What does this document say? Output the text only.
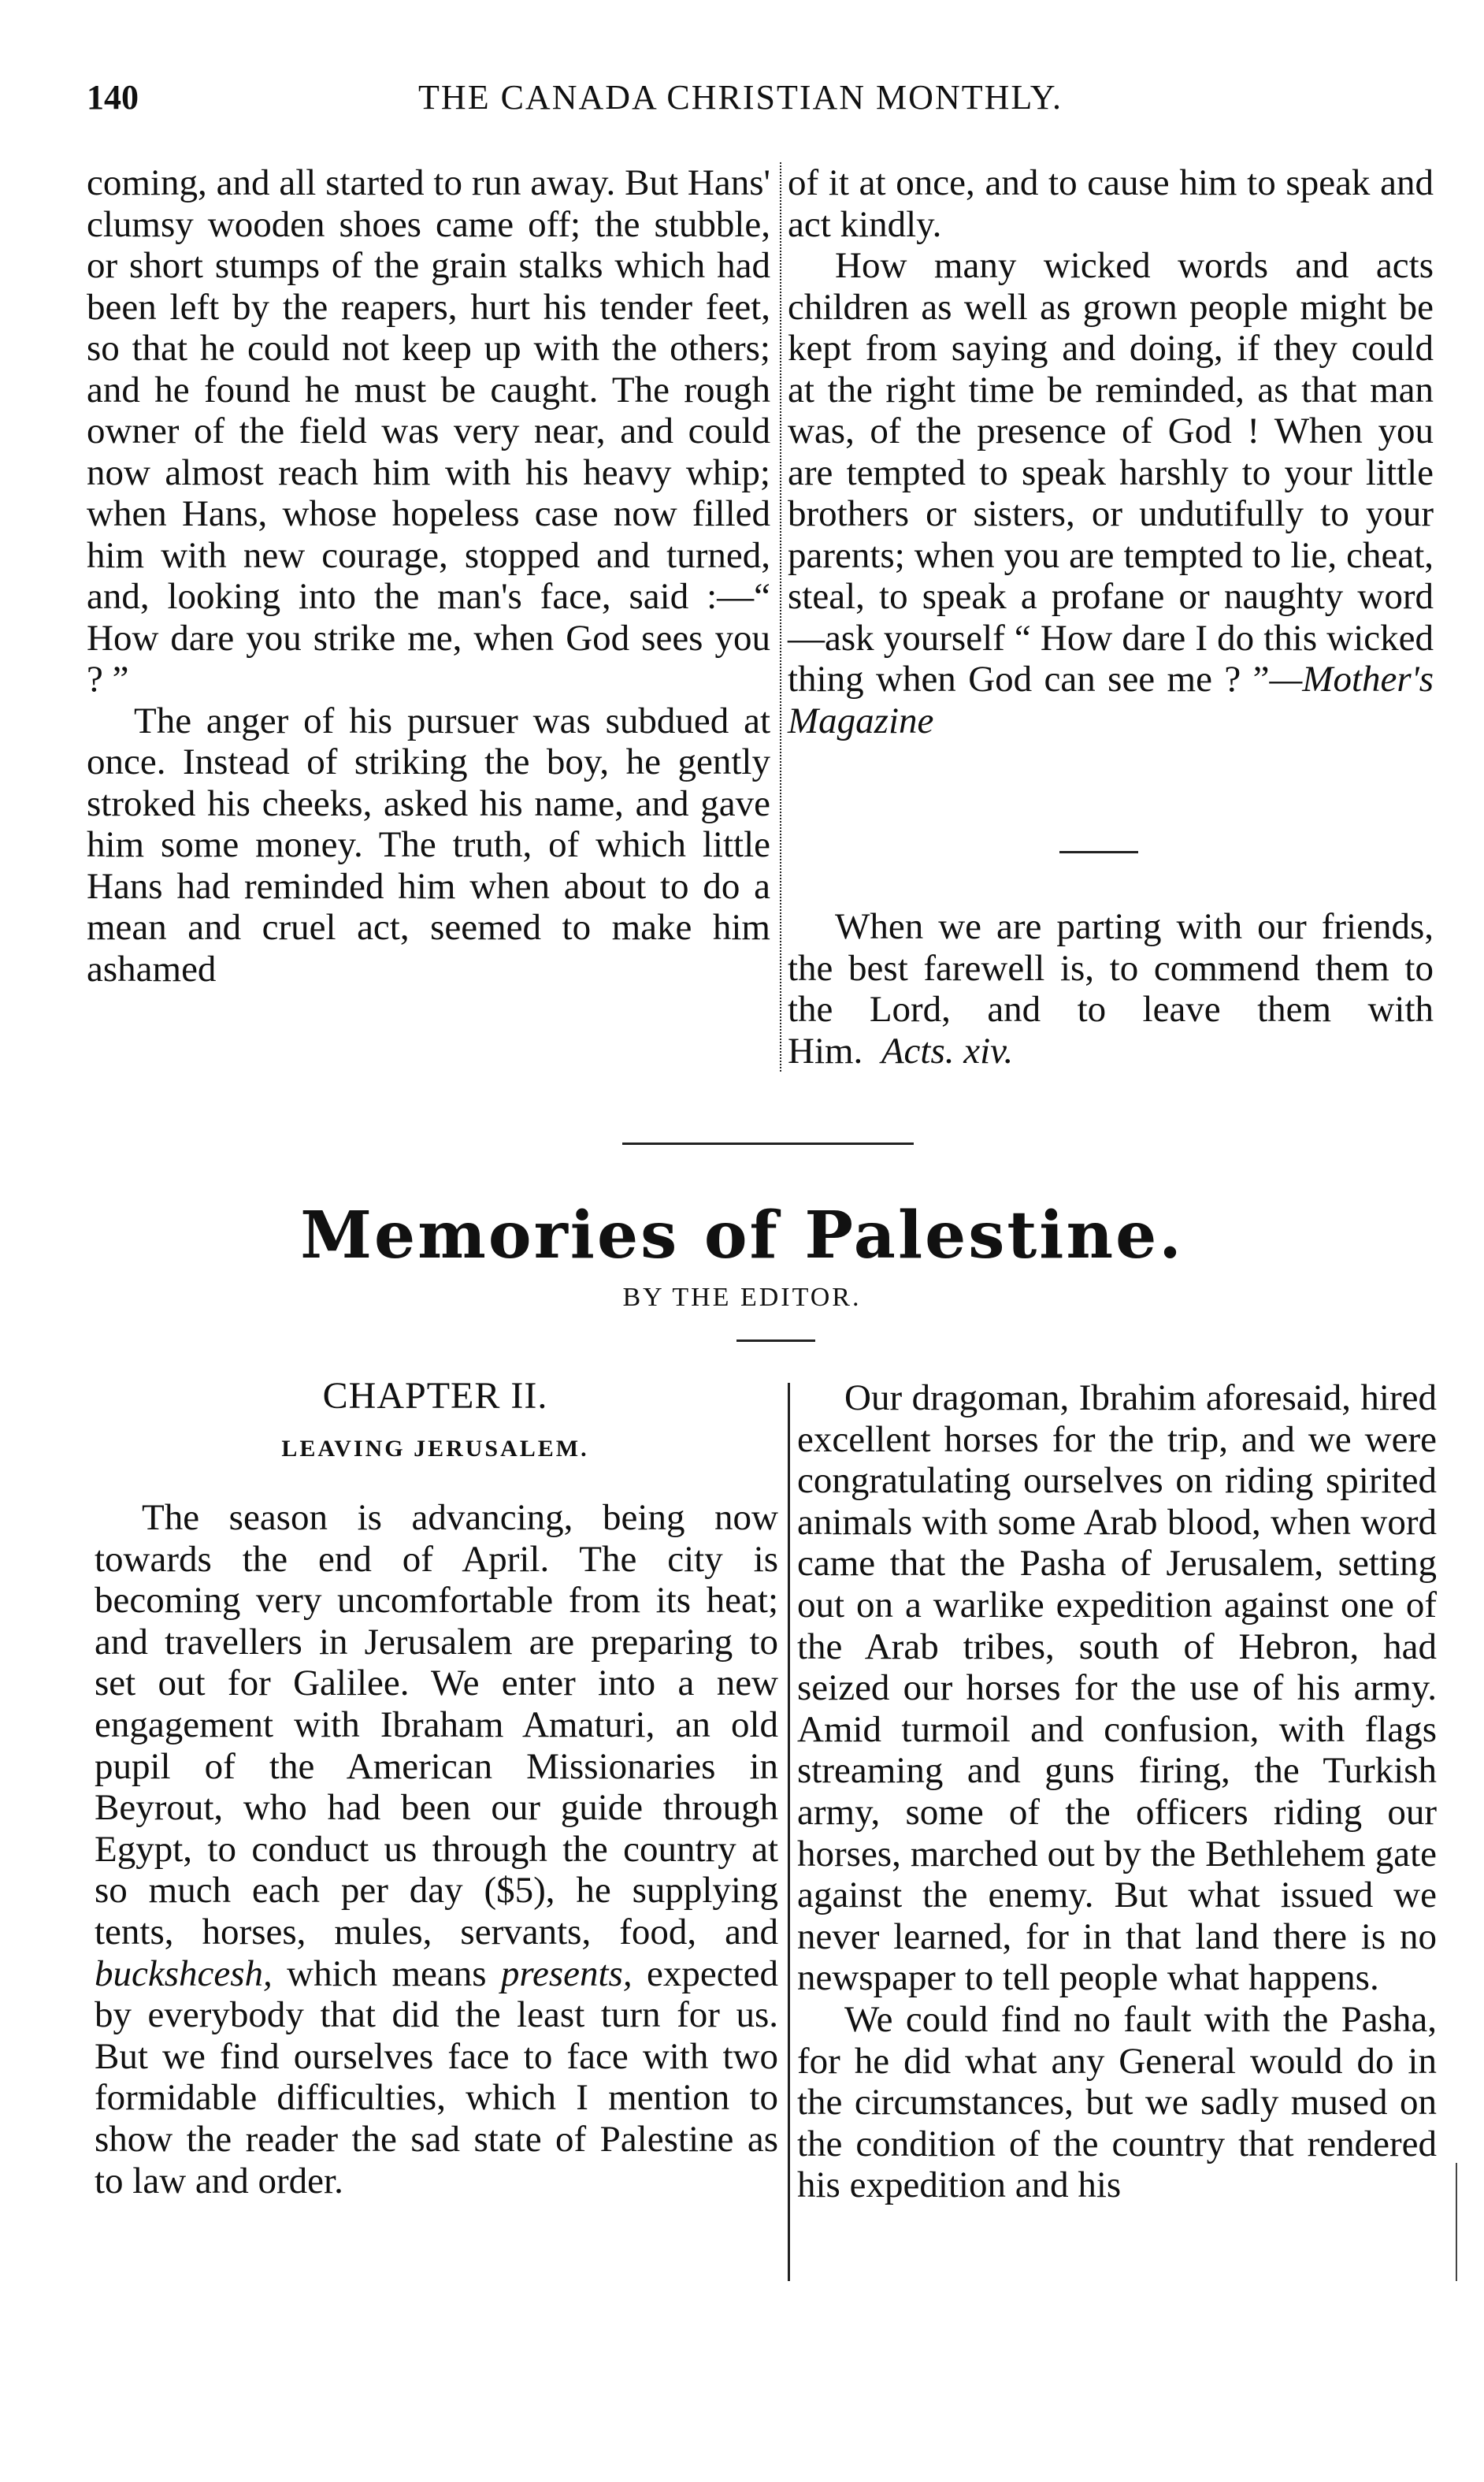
140	THE CANADA CHRISTIAN MONTHLY.

coming, and all started to run away. But Hans' clumsy wooden shoes came off; the stubble, or short stumps of the grain stalks which had been left by the reapers, hurt his tender feet, so that he could not keep up with the others; and he found he must be caught. The rough owner of the field was very near, and could now almost reach him with his heavy whip; when Hans, whose hopeless case now filled him with new courage, stopped and turned, and, looking into the man's face, said :—“ How dare you strike me, when God sees you ? ”

The anger of his pursuer was subdued at once. Instead of striking the boy, he gently stroked his cheeks, asked his name, and gave him some money. The truth, of which little Hans had reminded him when about to do a mean and cruel act, seemed to make him ashamed

of it at once, and to cause him to speak and act kindly.

How many wicked words and acts children as well as grown people might be kept from saying and doing, if they could at the right time be reminded, as that man was, of the presence of God ! When you are tempted to speak harshly to your little brothers or sisters, or undutifully to your parents; when you are tempted to lie, cheat, steal, to speak a profane or naughty word—ask yourself “ How dare I do this wicked thing when God can see me ? ”—Mother's Magazine

When we are parting with our friends, the best farewell is, to commend them to the Lord, and to leave them with Him. Acts. xiv.

Memories of Palestine.
BY THE EDITOR.
CHAPTER II.
LEAVING JERUSALEM.

The season is advancing, being now towards the end of April. The city is becoming very uncomfortable from its heat; and travellers in Jerusalem are preparing to set out for Galilee. We enter into a new engagement with Ibraham Amaturi, an old pupil of the American Missionaries in Beyrout, who had been our guide through Egypt, to conduct us through the country at so much each per day ($5), he supplying tents, horses, mules, servants, food, and buckshcesh, which means presents, expected by everybody that did the least turn for us. But we find ourselves face to face with two formidable difficulties, which I mention to show the reader the sad state of Palestine as to law and order.

Our dragoman, Ibrahim aforesaid, hired excellent horses for the trip, and we were congratulating ourselves on riding spirited animals with some Arab blood, when word came that the Pasha of Jerusalem, setting out on a warlike expedition against one of the Arab tribes, south of Hebron, had seized our horses for the use of his army. Amid turmoil and confusion, with flags streaming and guns firing, the Turkish army, some of the officers riding our horses, marched out by the Bethlehem gate against the enemy. But what issued we never learned, for in that land there is no newspaper to tell people what happens.

We could find no fault with the Pasha, for he did what any General would do in the circumstances, but we sadly mused on the condition of the country that rendered his expedition and his
